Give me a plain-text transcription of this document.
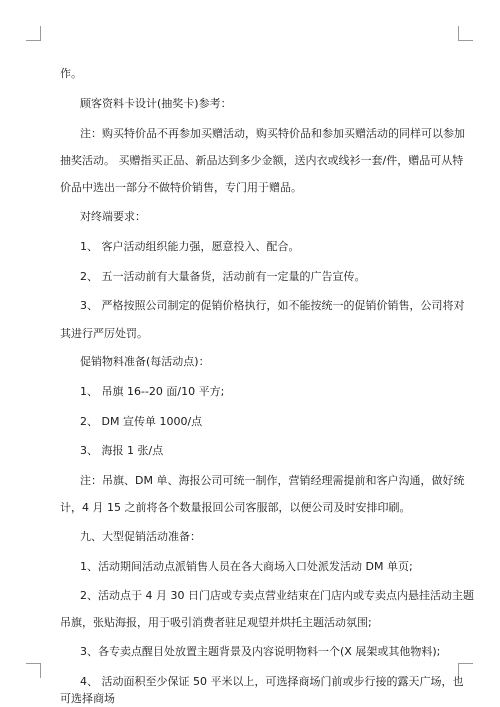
作。
顾客资料卡设计(抽奖卡)参考：
注：购买特价品不再参加买赠活动，购买特价品和参加买赠活动的同样可以参加
抽奖活动。 买赠指买正品、新品达到多少金额，送内衣或线衫一套/件，赠品可从特
价品中选出一部分不做特价销售，专门用于赠品。
对终端要求：
1、 客户活动组织能力强，愿意投入、配合。
2、 五一活动前有大量备货，活动前有一定量的广告宣传。
3、 严格按照公司制定的促销价格执行，如不能按统一的促销价销售，公司将对
其进行严厉处罚。
促销物料准备(每活动点)：
1、 吊旗 16--20 面/10 平方;
2、 DM 宣传单 1000/点
3、 海报 1 张/点
注：吊旗、DM 单、海报公司可统一制作，营销经理需提前和客户沟通，做好统
计，4 月 15 之前将各个数量报回公司客服部，以便公司及时安排印刷。
九、大型促销活动准备：
1、活动期间活动点派销售人员在各大商场入口处派发活动 DM 单页;
2、活动点于 4 月 30 日门店或专卖点营业结束在门店内或专卖点内悬挂活动主题
吊旗，张贴海报，用于吸引消费者驻足观望并烘托主题活动氛围;
3、各专卖点醒目处放置主题背景及内容说明物料一个(X 展架或其他物料);
4、 活动面积至少保证 50 平米以上，可选择商场门前或步行接的露天广场，也
可选择商场
